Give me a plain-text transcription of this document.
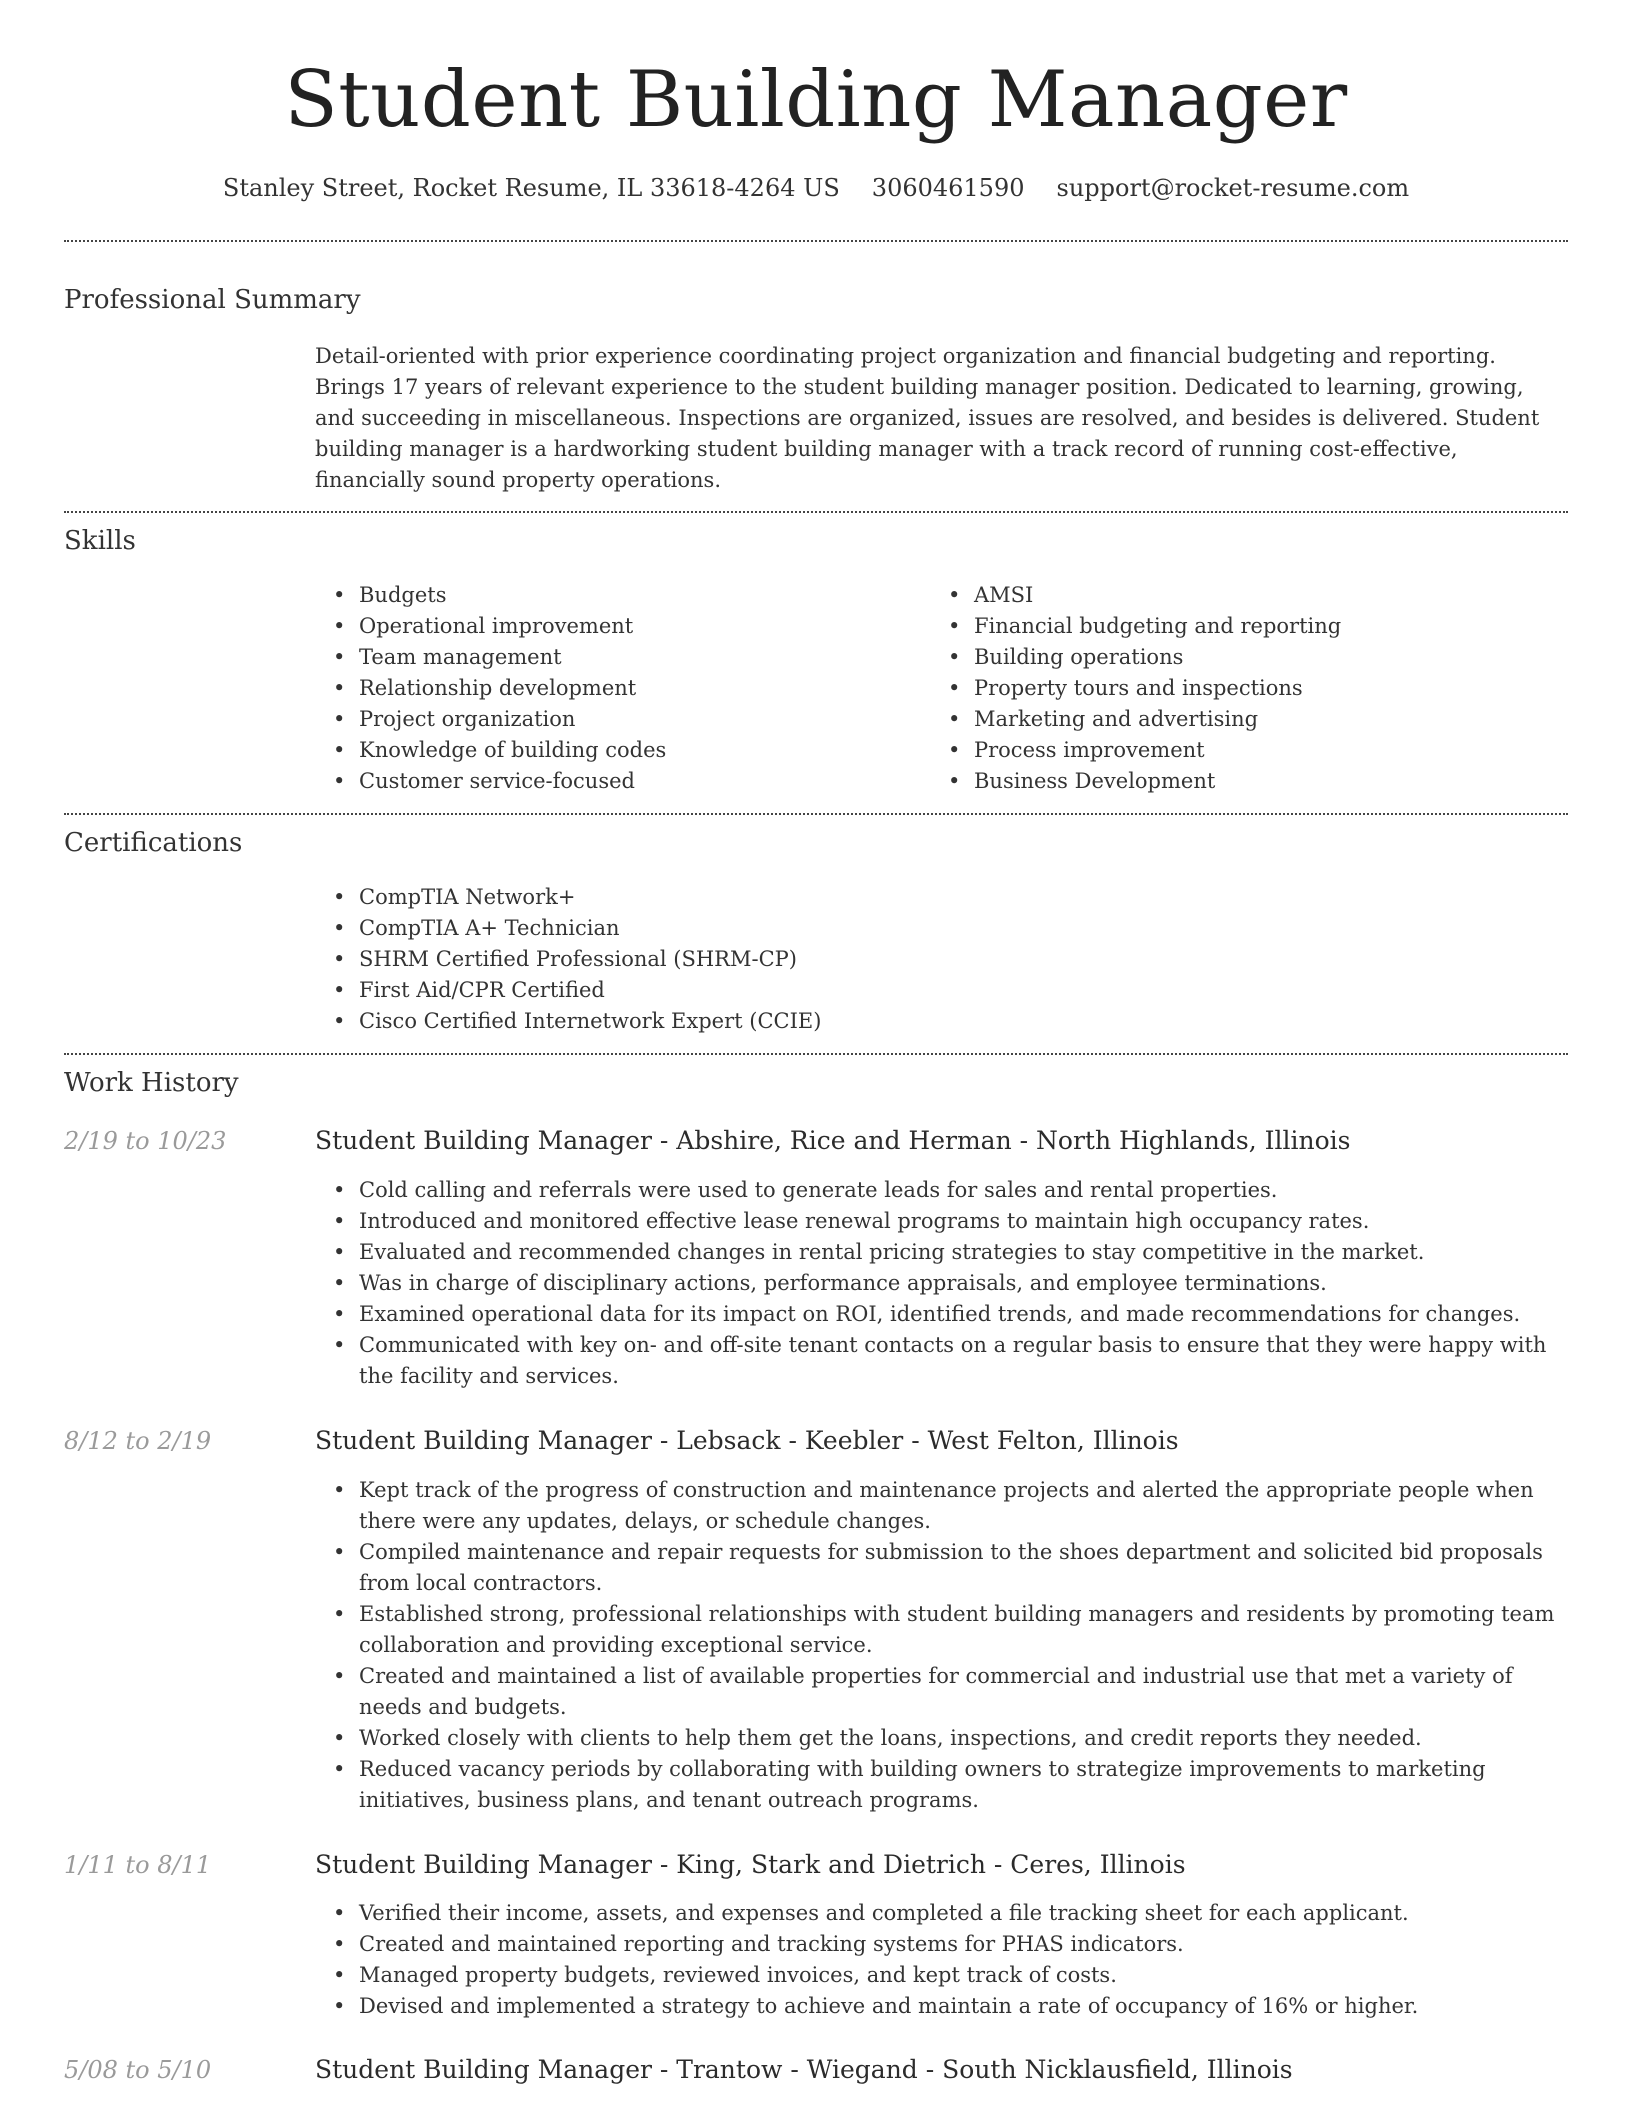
Student Building Manager
Stanley Street, Rocket Resume, IL 33618-4264 US 3060461590 support@rocket-resume.com
Professional Summary

Detail-oriented with prior experience coordinating project organization and financial budgeting and reporting. Brings 17 years of relevant experience to the student building manager position. Dedicated to learning, growing, and succeeding in miscellaneous. Inspections are organized, issues are resolved, and besides is delivered. Student building manager is a hardworking student building manager with a track record of running cost-effective, financially sound property operations.

Skills
• Budgets
• Operational improvement
• Team management
• Relationship development
• Project organization
• Knowledge of building codes
• Customer service-focused
• AMSI
• Financial budgeting and reporting
• Building operations
• Property tours and inspections
• Marketing and advertising
• Process improvement
• Business Development
Certifications
• CompTIA Network+
• CompTIA A+ Technician
• SHRM Certified Professional (SHRM-CP)
• First Aid/CPR Certified
• Cisco Certified Internetwork Expert (CCIE)
Work History
2/19 to 10/23	Student Building Manager - Abshire, Rice and Herman - North Highlands, Illinois
• Cold calling and referrals were used to generate leads for sales and rental properties.
• Introduced and monitored effective lease renewal programs to maintain high occupancy rates.
• Evaluated and recommended changes in rental pricing strategies to stay competitive in the market.
• Was in charge of disciplinary actions, performance appraisals, and employee terminations.
• Examined operational data for its impact on ROI, identified trends, and made recommendations for changes.
• Communicated with key on- and off-site tenant contacts on a regular basis to ensure that they were happy with the facility and services.
8/12 to 2/19	Student Building Manager - Lebsack - Keebler - West Felton, Illinois
• Kept track of the progress of construction and maintenance projects and alerted the appropriate people when there were any updates, delays, or schedule changes.
• Compiled maintenance and repair requests for submission to the shoes department and solicited bid proposals from local contractors.
• Established strong, professional relationships with student building managers and residents by promoting team collaboration and providing exceptional service.
• Created and maintained a list of available properties for commercial and industrial use that met a variety of needs and budgets.
• Worked closely with clients to help them get the loans, inspections, and credit reports they needed.
• Reduced vacancy periods by collaborating with building owners to strategize improvements to marketing initiatives, business plans, and tenant outreach programs.
1/11 to 8/11	Student Building Manager - King, Stark and Dietrich - Ceres, Illinois
• Verified their income, assets, and expenses and completed a file tracking sheet for each applicant.
• Created and maintained reporting and tracking systems for PHAS indicators.
• Managed property budgets, reviewed invoices, and kept track of costs.
• Devised and implemented a strategy to achieve and maintain a rate of occupancy of 16% or higher.
5/08 to 5/10	Student Building Manager - Trantow - Wiegand - South Nicklausfield, Illinois
